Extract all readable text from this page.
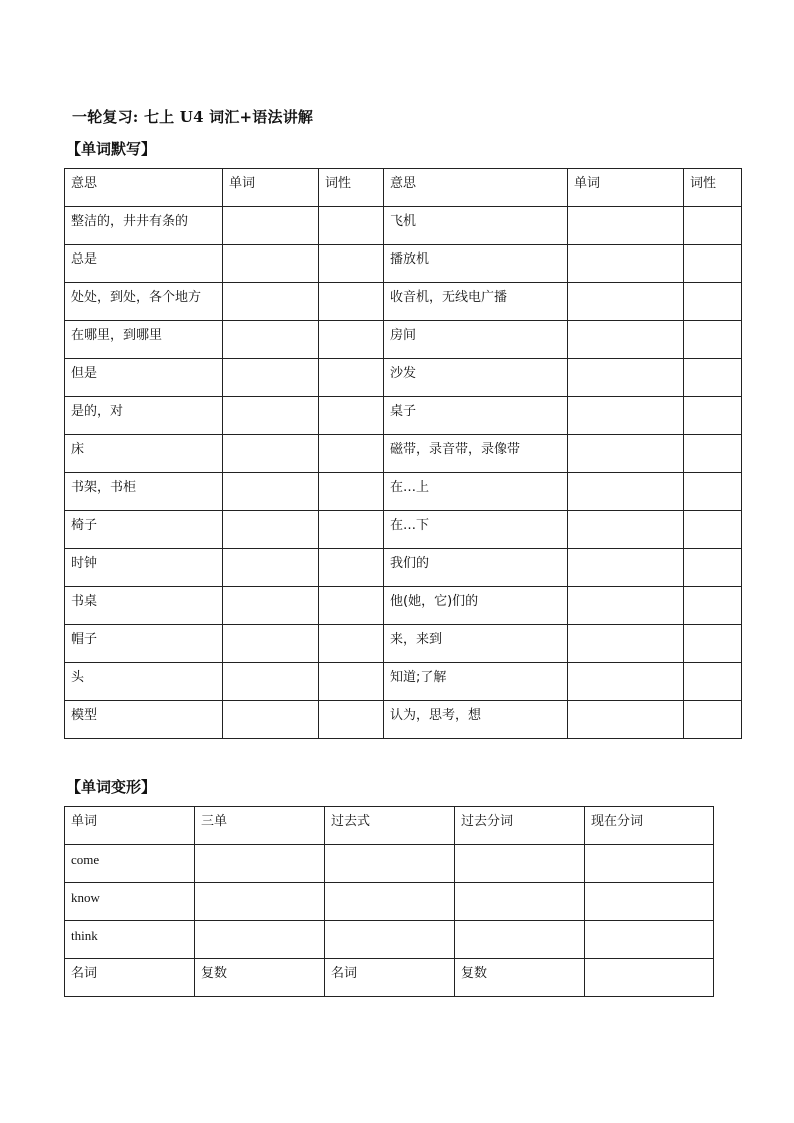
一轮复习: 七上 U4 词汇+语法讲解
【单词默写】
意思	单词	词性	意思	单词	词性
整洁的，井井有条的			飞机		
总是			播放机		
处处，到处，各个地方			收音机，无线电广播		
在哪里，到哪里			房间		
但是			沙发		
是的，对			桌子		
床			磁带，录音带，录像带		
书架，书柜			在…上		
椅子			在…下		
时钟			我们的		
书桌			他(她，它)们的		
帽子			来，来到		
头			知道;了解		
模型			认为，思考，想		
【单词变形】
单词	三单	过去式	过去分词	现在分词
come				
know				
think				
名词	复数	名词	复数	
